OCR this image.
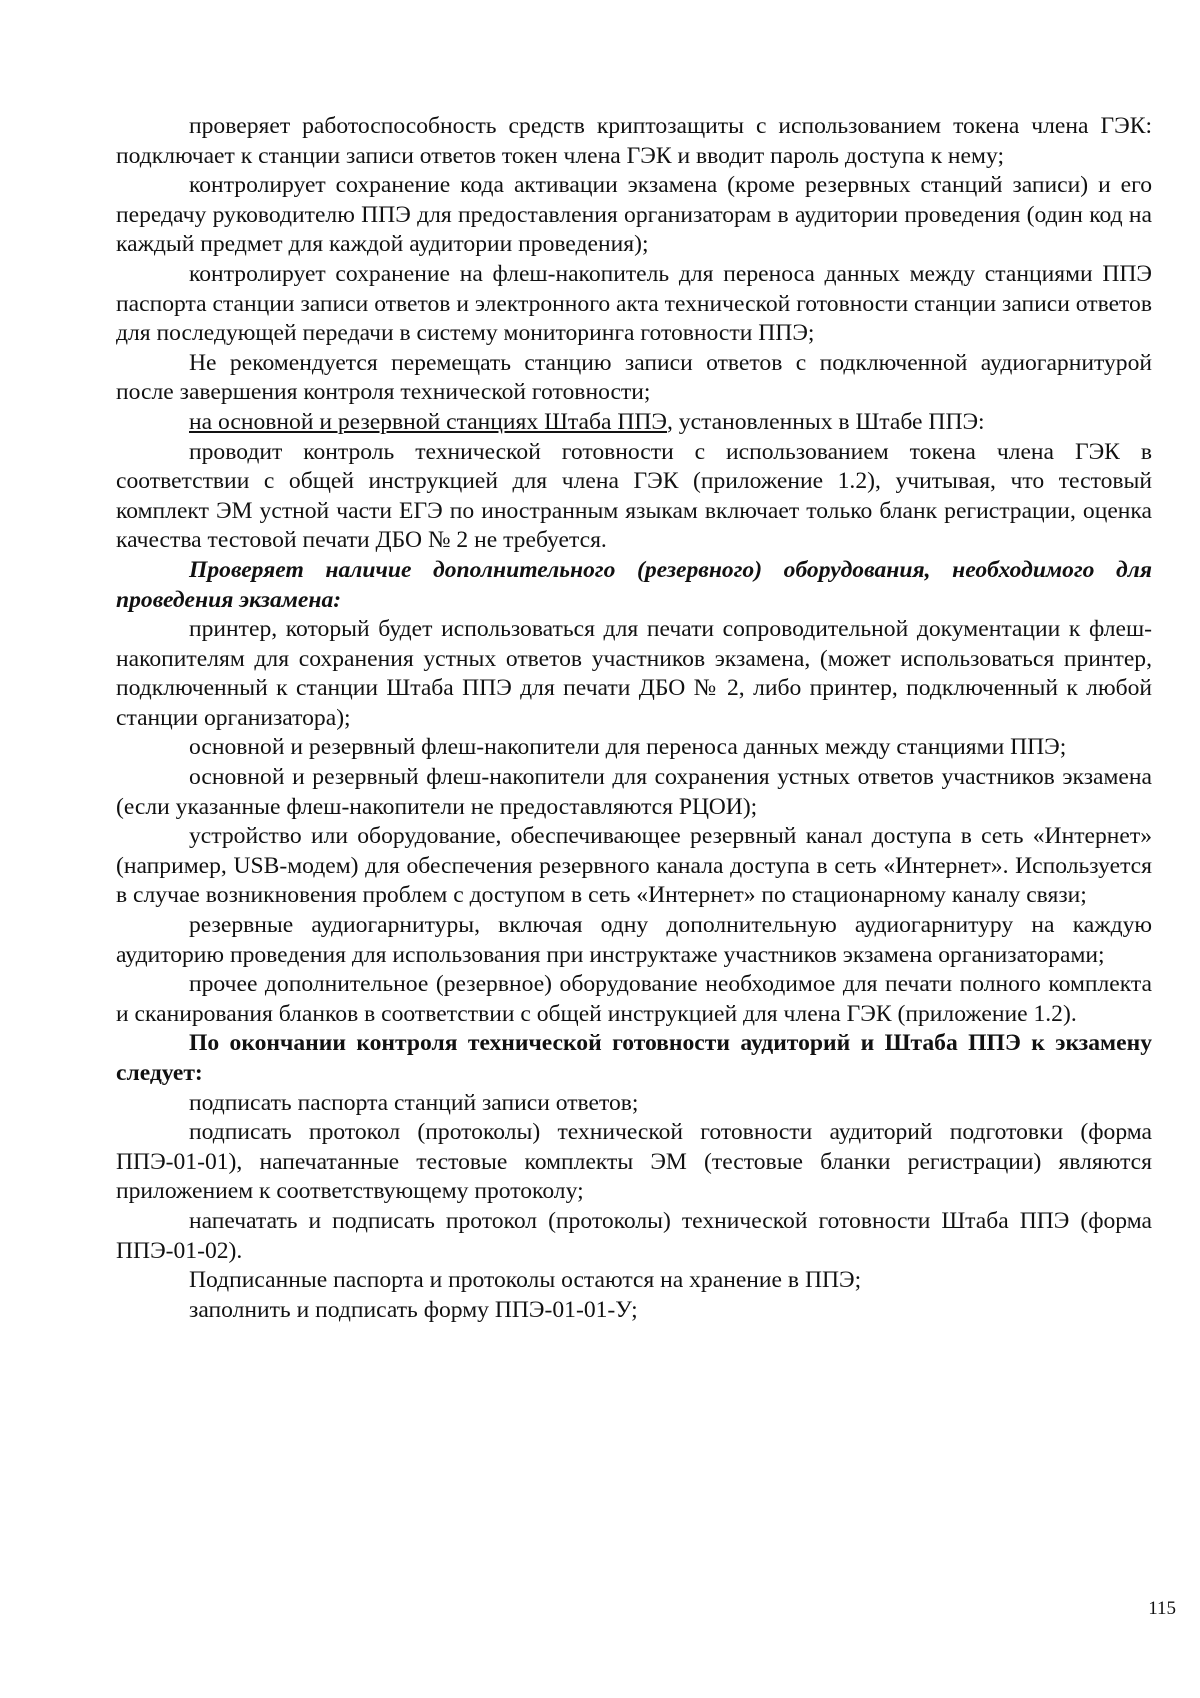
проверяет работоспособность средств криптозащиты с использованием токена члена ГЭК: подключает к станции записи ответов токен члена ГЭК и вводит пароль доступа к нему;

контролирует сохранение кода активации экзамена (кроме резервных станций записи) и его передачу руководителю ППЭ для предоставления организаторам в аудитории проведения (один код на каждый предмет для каждой аудитории проведения);

контролирует сохранение на флеш-накопитель для переноса данных между станциями ППЭ паспорта станции записи ответов и электронного акта технической готовности станции записи ответов для последующей передачи в систему мониторинга готовности ППЭ;

Не рекомендуется перемещать станцию записи ответов с подключенной аудиогарнитурой после завершения контроля технической готовности;

на основной и резервной станциях Штаба ППЭ, установленных в Штабе ППЭ:

проводит контроль технической готовности с использованием токена члена ГЭК в соответствии с общей инструкцией для члена ГЭК (приложение 1.2), учитывая, что тестовый комплект ЭМ устной части ЕГЭ по иностранным языкам включает только бланк регистрации, оценка качества тестовой печати ДБО № 2 не требуется.

Проверяет наличие дополнительного (резервного) оборудования, необходимого для проведения экзамена:

принтер, который будет использоваться для печати сопроводительной документации к флеш-накопителям для сохранения устных ответов участников экзамена, (может использоваться принтер, подключенный к станции Штаба ППЭ для печати ДБО № 2, либо принтер, подключенный к любой станции организатора);

основной и резервный флеш-накопители для переноса данных между станциями ППЭ;

основной и резервный флеш-накопители для сохранения устных ответов участников экзамена (если указанные флеш-накопители не предоставляются РЦОИ);

устройство или оборудование, обеспечивающее резервный канал доступа в сеть «Интернет» (например, USB-модем) для обеспечения резервного канала доступа в сеть «Интернет». Используется в случае возникновения проблем с доступом в сеть «Интернет» по стационарному каналу связи;

резервные аудиогарнитуры, включая одну дополнительную аудиогарнитуру на каждую аудиторию проведения для использования при инструктаже участников экзамена организаторами;

прочее дополнительное (резервное) оборудование необходимое для печати полного комплекта и сканирования бланков в соответствии с общей инструкцией для члена ГЭК (приложение 1.2).

По окончании контроля технической готовности аудиторий и Штаба ППЭ к экзамену следует:

подписать паспорта станций записи ответов;

подписать протокол (протоколы) технической готовности аудиторий подготовки (форма ППЭ-01-01), напечатанные тестовые комплекты ЭМ (тестовые бланки регистрации) являются приложением к соответствующему протоколу;

напечатать и подписать протокол (протоколы) технической готовности Штаба ППЭ (форма ППЭ-01-02).

Подписанные паспорта и протоколы остаются на хранение в ППЭ;

заполнить и подписать форму ППЭ-01-01-У;

115
